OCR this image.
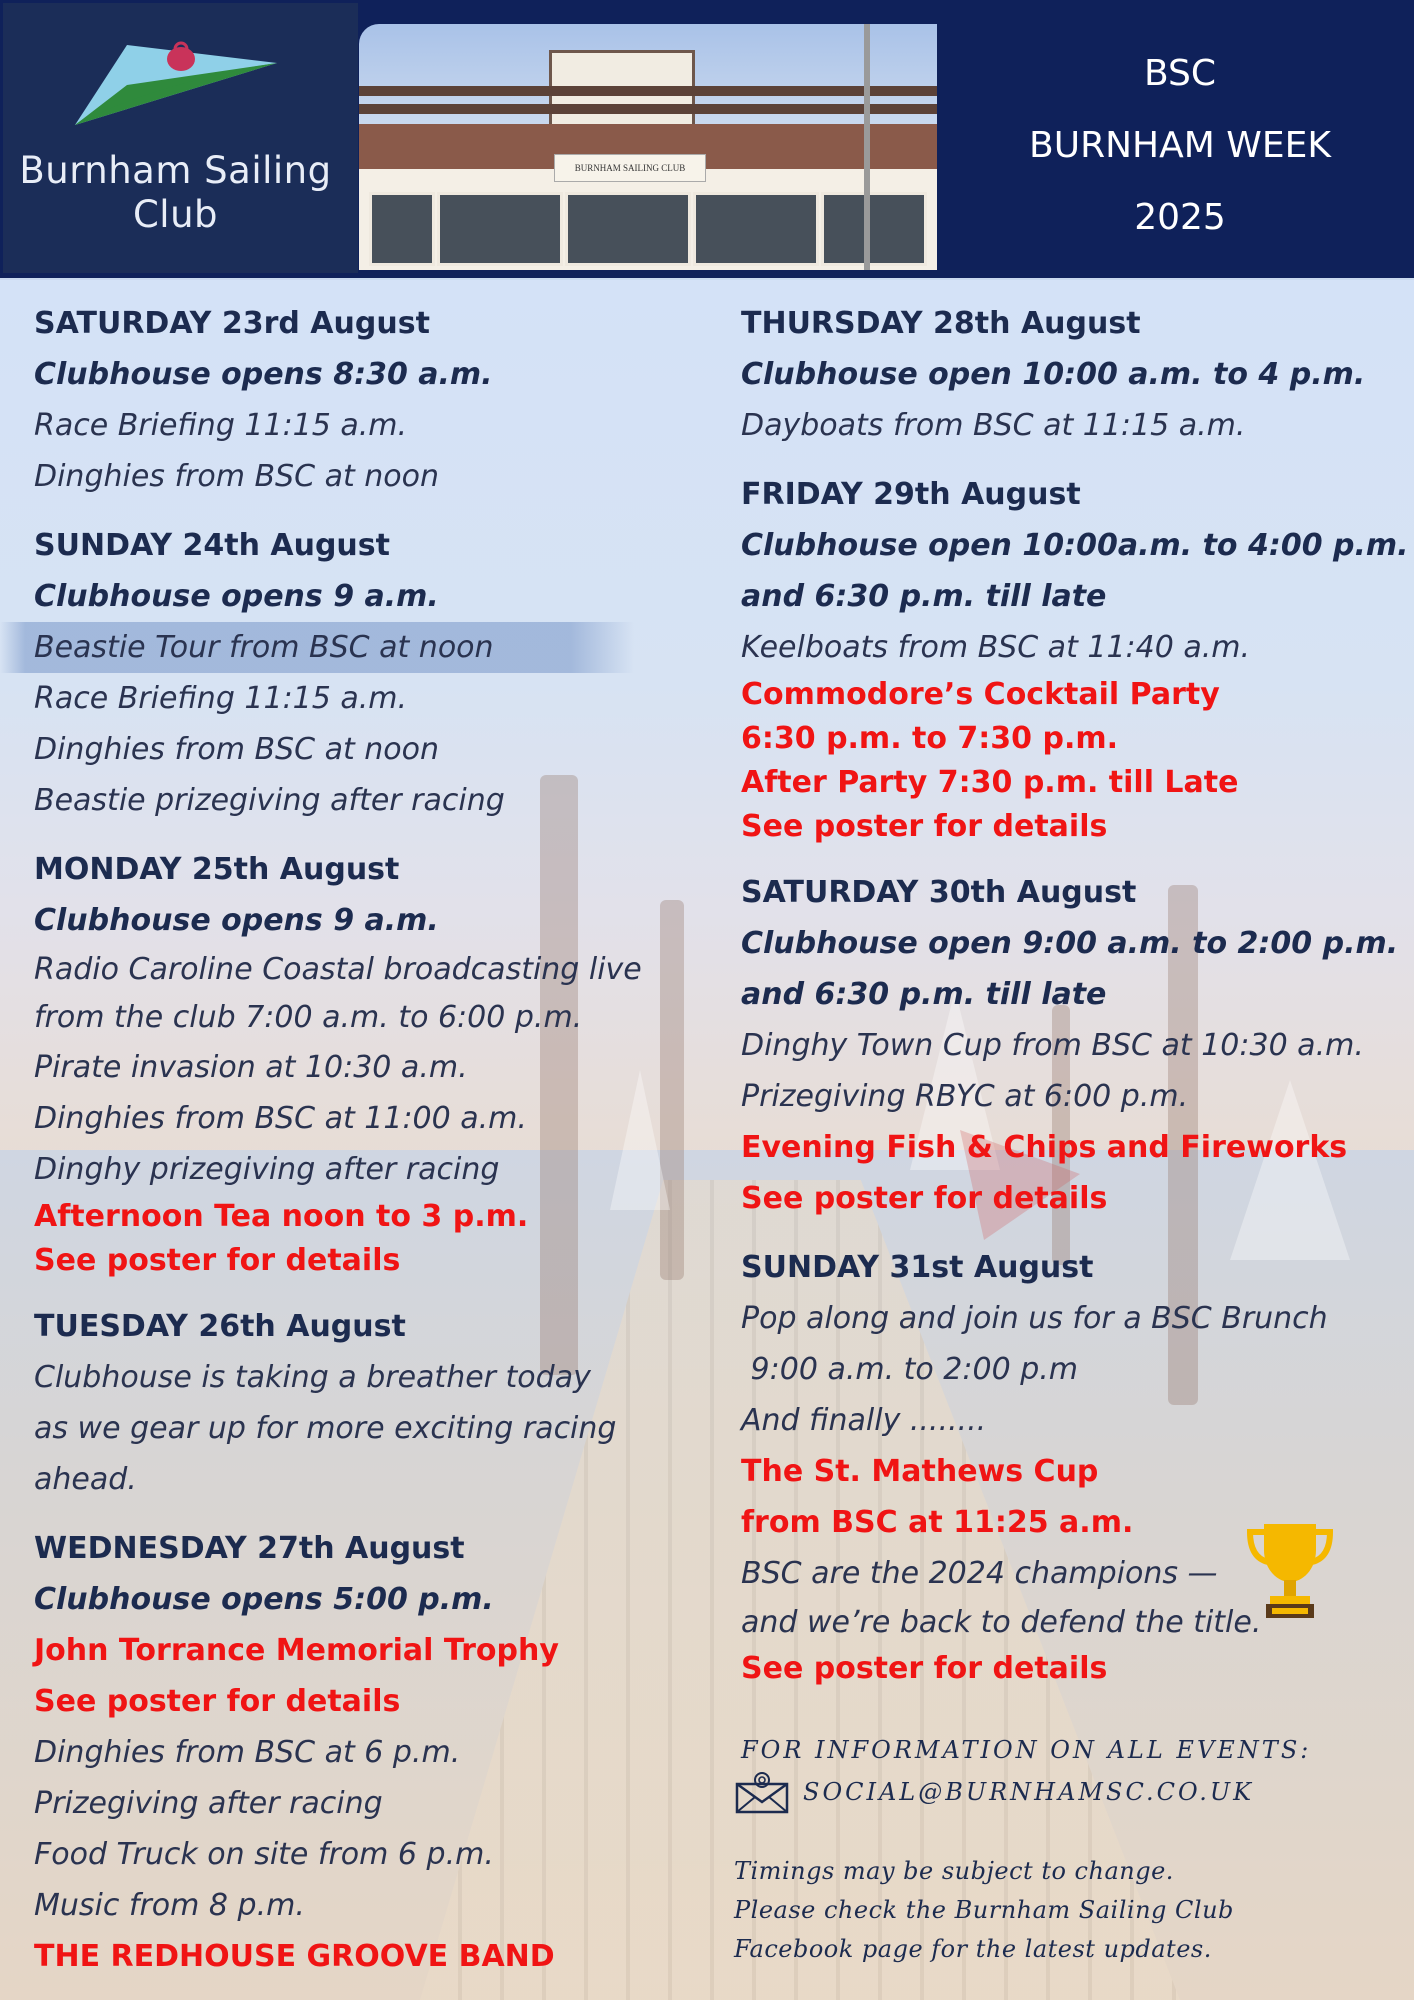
Burnham Sailing
Club
BURNHAM SAILING CLUB
BSC
BURNHAM WEEK
2025
SATURDAY 23rd August
Clubhouse opens 8:30 a.m.
Race Briefing 11:15 a.m.
Dinghies from BSC at noon
SUNDAY 24th August
Clubhouse opens 9 a.m.
Beastie Tour from BSC at noon
Race Briefing 11:15 a.m.
Dinghies from BSC at noon
Beastie prizegiving after racing
MONDAY 25th August
Clubhouse opens 9 a.m.
Radio Caroline Coastal broadcasting live
from the club 7:00 a.m. to 6:00 p.m.
Pirate invasion at 10:30 a.m.
Dinghies from BSC at 11:00 a.m.
Dinghy prizegiving after racing
Afternoon Tea noon to 3 p.m.
See poster for details
TUESDAY 26th August
Clubhouse is taking a breather today
as we gear up for more exciting racing
ahead.
WEDNESDAY 27th August
Clubhouse opens 5:00 p.m.
John Torrance Memorial Trophy
See poster for details
Dinghies from BSC at 6 p.m.
Prizegiving after racing
Food Truck on site from 6 p.m.
Music from 8 p.m.
THE REDHOUSE GROOVE BAND
THURSDAY 28th August
Clubhouse open 10:00 a.m. to 4 p.m.
Dayboats from BSC at 11:15 a.m.
FRIDAY 29th August
Clubhouse open 10:00a.m. to 4:00 p.m.
and 6:30 p.m. till late
Keelboats from BSC at 11:40 a.m.
Commodore’s Cocktail Party
6:30 p.m. to 7:30 p.m.
After Party 7:30 p.m. till Late
See poster for details
SATURDAY 30th August
Clubhouse open 9:00 a.m. to 2:00 p.m.
and 6:30 p.m. till late
Dinghy Town Cup from BSC at 10:30 a.m.
Prizegiving RBYC at 6:00 p.m.
Evening Fish & Chips and Fireworks
See poster for details
SUNDAY 31st August
Pop along and join us for a BSC Brunch
9:00 a.m. to 2:00 p.m
And finally ........
The St. Mathews Cup
from BSC at 11:25 a.m.
BSC are the 2024 champions —
and we’re back to defend the title.
See poster for details
FOR INFORMATION ON ALL EVENTS:
SOCIAL@BURNHAMSC.CO.UK
Timings may be subject to change.
Please check the Burnham Sailing Club
Facebook page for the latest updates.
